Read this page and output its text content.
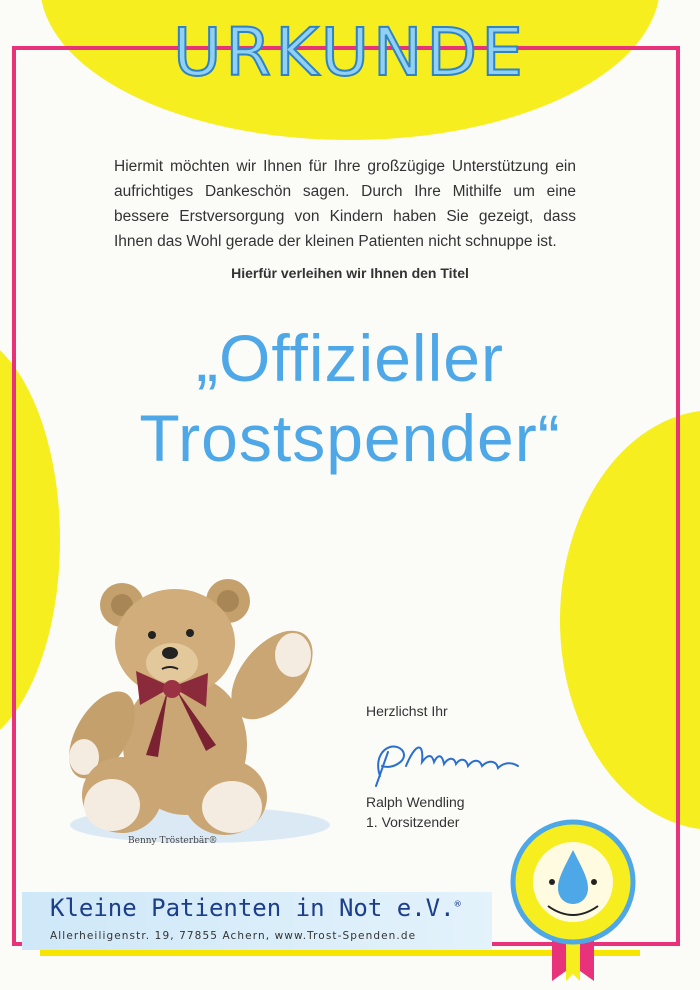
URKUNDE

Hiermit möchten wir Ihnen für Ihre großzügige Unterstützung ein aufrichtiges Dankeschön sagen. Durch Ihre Mithilfe um eine bessere Erstversorgung von Kindern haben Sie gezeigt, dass Ihnen das Wohl gerade der kleinen Patienten nicht schnuppe ist.

Hierfür verleihen wir Ihnen den Titel
„Offizieller
Trostspender“
Benny Trösterbär®
Herzlichst Ihr
Ralph Wendling
1. Vorsitzender
Kleine Patienten in Not e.V.®
Allerheiligenstr. 19, 77855 Achern, www.Trost-Spenden.de
